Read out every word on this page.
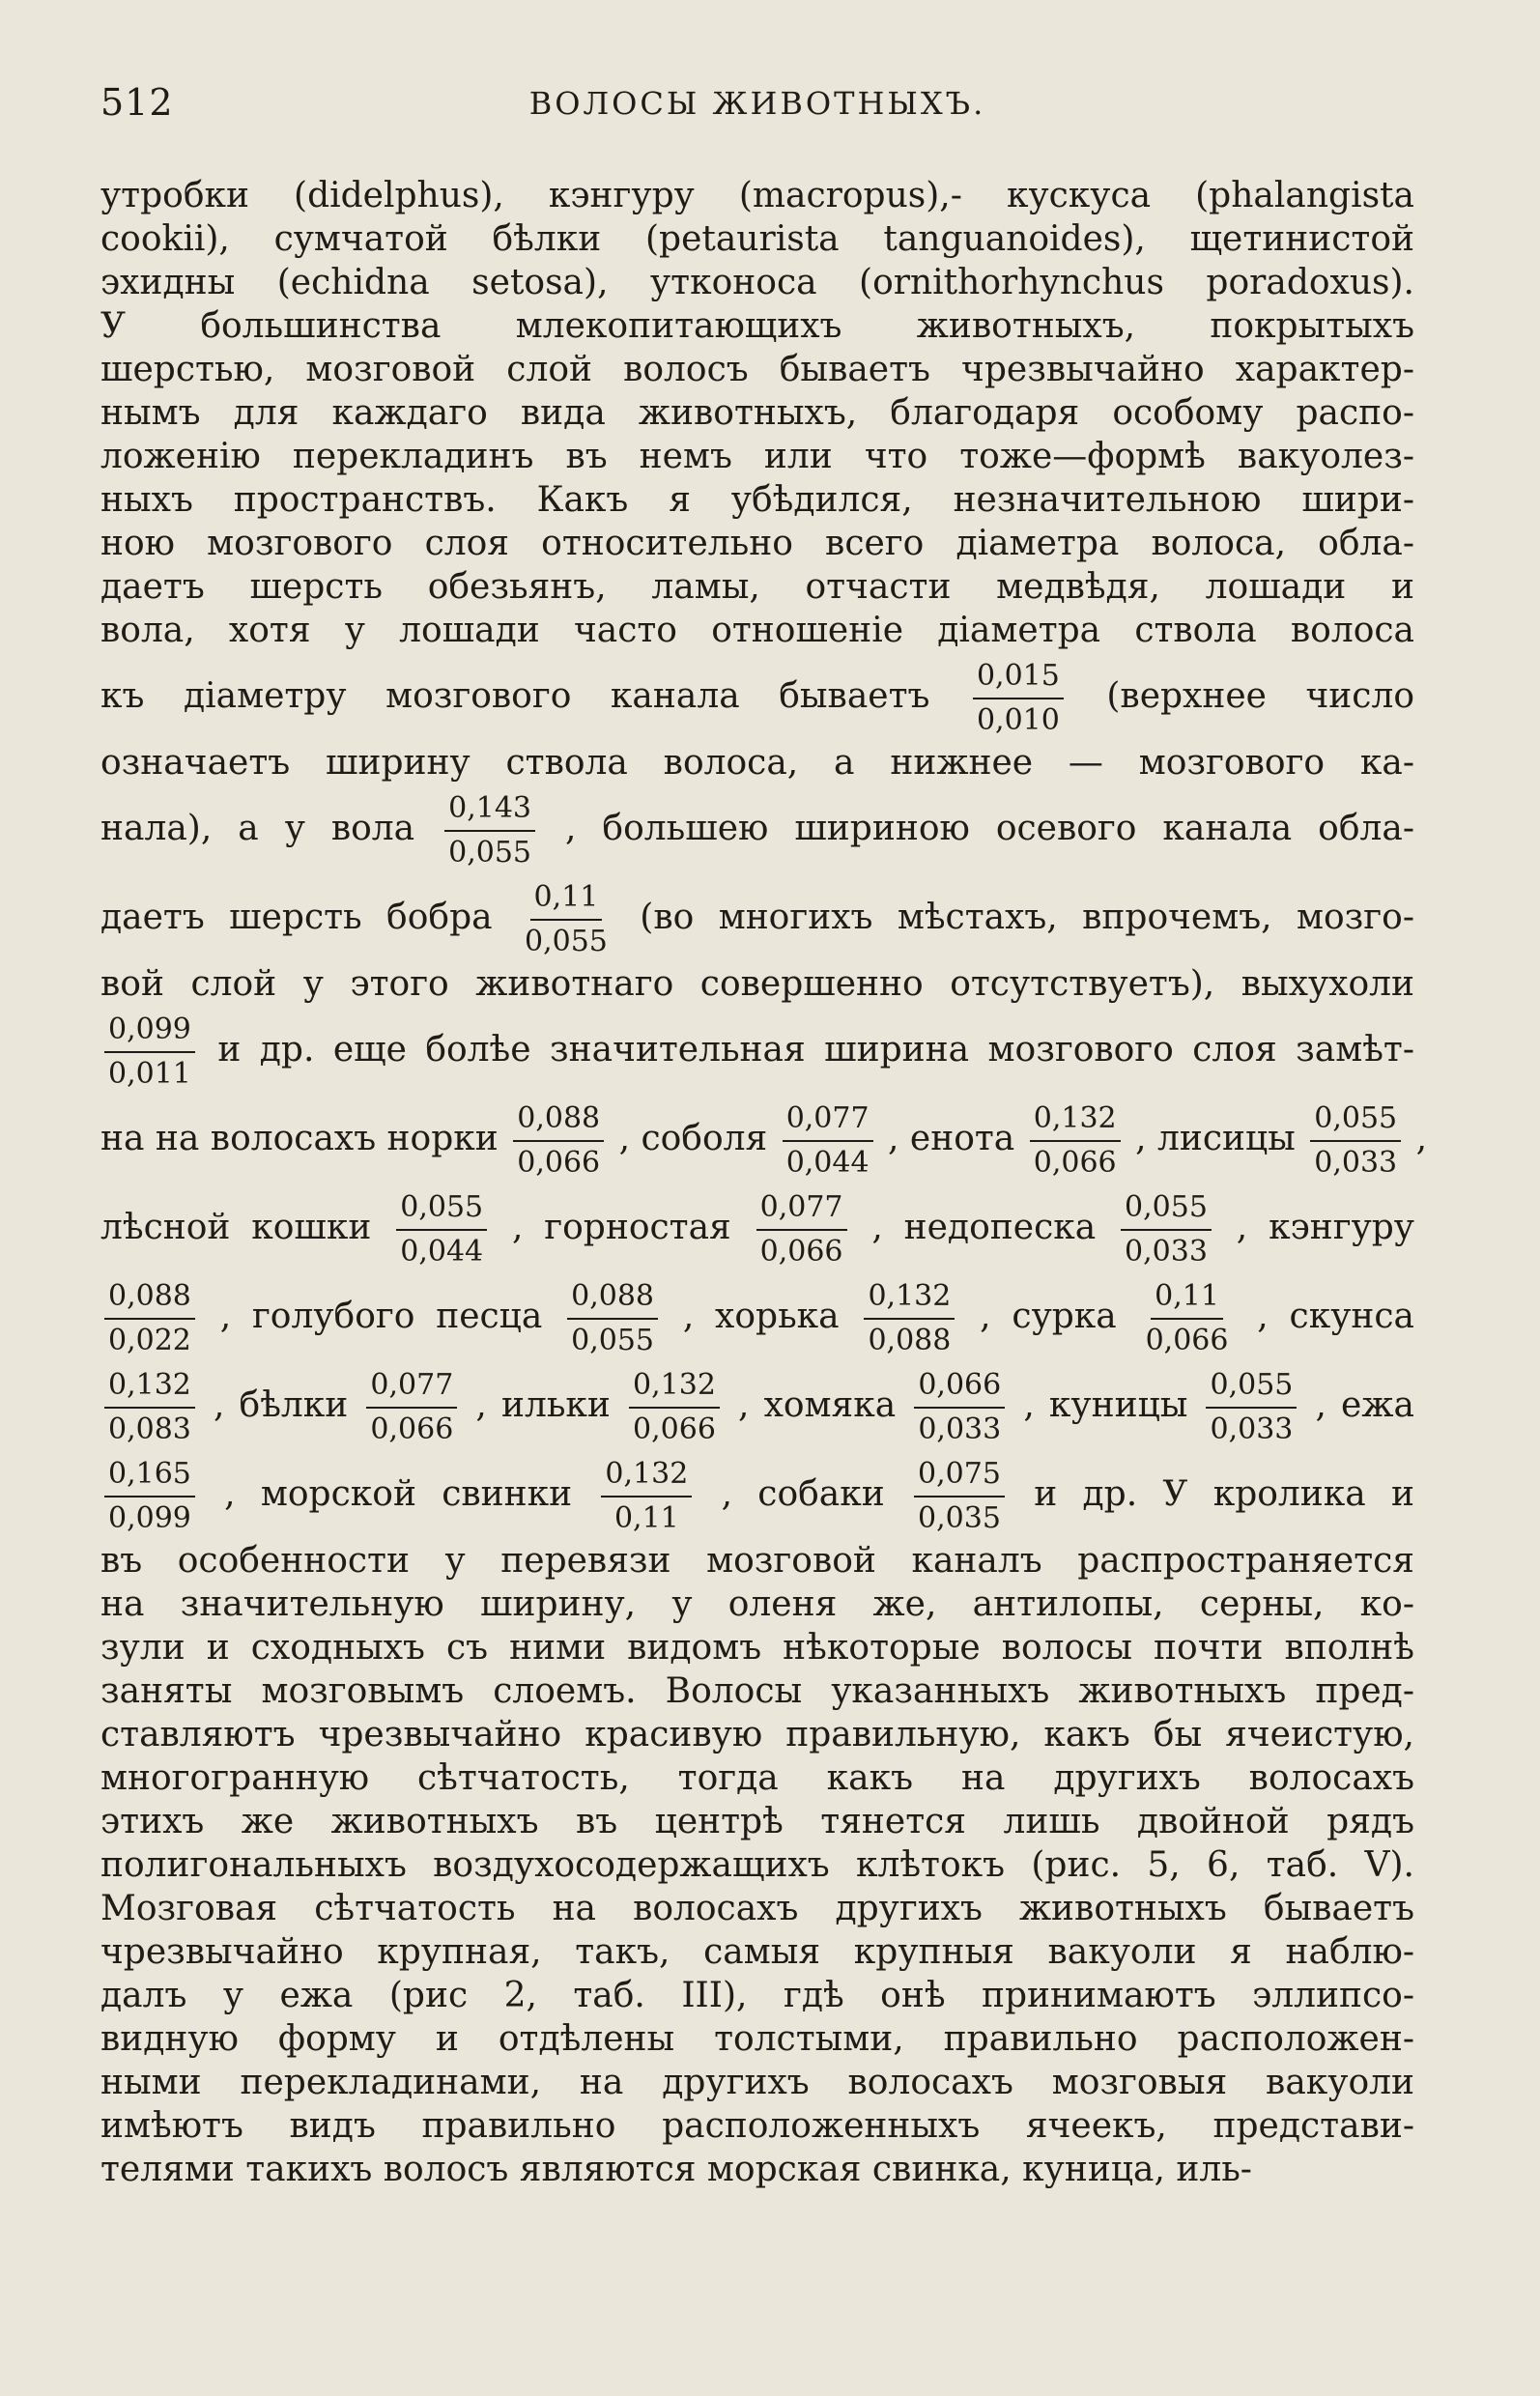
512	ВОЛОСЫ ЖИВОТНЫХЪ.
утробки (didelphus), кэнгуру (macropus),- кускуса (phalangista
cookii), сумчатой бѣлки (petaurista tanguanoides), щетинистой
эхидны (echidna setosa), утконоса (ornithorhynchus poradoxus).
У большинства млекопитающихъ животныхъ, покрытыхъ
шерстью, мозговой слой волосъ бываетъ чрезвычайно характер-
нымъ для каждаго вида животныхъ, благодаря особому распо-
ложенію перекладинъ въ немъ или что тоже—формѣ вакуолез-
ныхъ пространствъ. Какъ я убѣдился, незначительною шири-
ною мозгового слоя относительно всего діаметра волоса, обла-
даетъ шерсть обезьянъ, ламы, отчасти медвѣдя, лошади и
вола, хотя у лошади часто отношеніе діаметра ствола волоса
къ діаметру мозгового канала бываетъ $\frac{0,015}{0,010}$ (верхнее число
означаетъ ширину ствола волоса, а нижнее — мозгового ка-
нала), а у вола $\frac{0,143}{0,055}$ , большею шириною осевого канала обла-
даетъ шерсть бобра $\frac{0,11}{0,055} (во$ многихъ мѣстахъ, впрочемъ, мозго-
вой слой у этого животнаго совершенно отсутствуетъ), выхухоли
$\frac{0,099}{0,011}$ и др. еще болѣе значительная ширина мозгового слоя замѣт-
на на волосахъ норки $\frac{0,088}{0,066}$ , соболя $\frac{0,077}{0,044}$ , енота $\frac{0,132}{0,066}$ , лисицы $\frac{0,055}{0,033}$ ,
лѣсной кошки $\frac{0,055}{0,044}$ , горностая $\frac{0,077}{0,066}$ , недопеска $\frac{0,055}{0,033}$ , кэнгуру
$\frac{0,088}{0,022}$ , голубого песца $\frac{0,088}{0,055}$ , хорька $\frac{0,132}{0,088}$ , сурка $\frac{0,11}{0,066}$ , скунса
$\frac{0,132}{0,083}$ , бѣлки $\frac{0,077}{0,066}$ , ильки $\frac{0,132}{0,066}$ , хомяка $\frac{0,066}{0,033}$ , куницы $\frac{0,055}{0,033}$ , ежа
$\frac{0,165}{0,099}$ , морской свинки $\frac{0,132}{0,11}$ , собаки $\frac{0,075}{0,035}$ и др. У кролика и
въ особенности у перевязи мозговой каналъ распространяется
на значительную ширину, у оленя же, антилопы, серны, ко-
зули и сходныхъ съ ними видомъ нѣкоторые волосы почти вполнѣ
заняты мозговымъ слоемъ. Волосы указанныхъ животныхъ пред-
ставляютъ чрезвычайно красивую правильную, какъ бы ячеистую,
многогранную сѣтчатость, тогда какъ на другихъ волосахъ
этихъ же животныхъ въ центрѣ тянется лишь двойной рядъ
полигональныхъ воздухосодержащихъ клѣтокъ (рис. 5, 6, таб. V).
Мозговая сѣтчатость на волосахъ другихъ животныхъ бываетъ
чрезвычайно крупная, такъ, самыя крупныя вакуоли я наблю-
далъ у ежа (рис 2, таб. III), гдѣ онѣ принимаютъ эллипсо-
видную форму и отдѣлены толстыми, правильно расположен-
ными перекладинами, на другихъ волосахъ мозговыя вакуоли
имѣютъ видъ правильно расположенныхъ ячеекъ, представи-
телями такихъ волосъ являются морская свинка, куница, иль-
